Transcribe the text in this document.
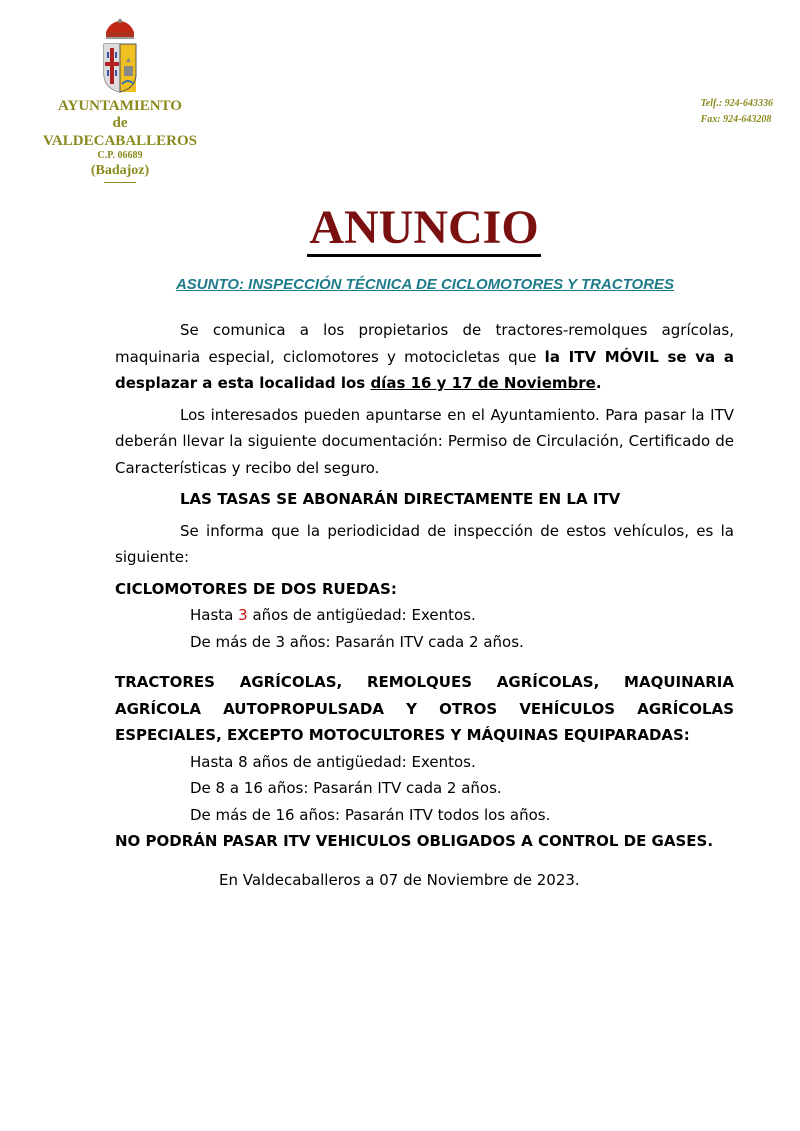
AYUNTAMIENTO
de
VALDECABALLEROS
C.P. 06689
(Badajoz)
Telf.: 924-643336
Fax: 924-643208
ANUNCIO
ASUNTO: INSPECCIÓN TÉCNICA DE CICLOMOTORES Y TRACTORES

Se comunica a los propietarios de tractores-remolques agrícolas, maquinaria especial, ciclomotores y motocicletas que la ITV MÓVIL se va a desplazar a esta localidad los días 16 y 17 de Noviembre.

Los interesados pueden apuntarse en el Ayuntamiento. Para pasar la ITV deberán llevar la siguiente documentación: Permiso de Circulación, Certificado de Características y recibo del seguro.

LAS TASAS SE ABONARÁN DIRECTAMENTE EN LA ITV

Se informa que la periodicidad de inspección de estos vehículos, es la siguiente:

CICLOMOTORES DE DOS RUEDAS:

Hasta 3 años de antigüedad: Exentos.

De más de 3 años: Pasarán ITV cada 2 años.

TRACTORES AGRÍCOLAS, REMOLQUES AGRÍCOLAS, MAQUINARIA AGRÍCOLA AUTOPROPULSADA Y OTROS VEHÍCULOS AGRÍCOLAS ESPECIALES, EXCEPTO MOTOCULTORES Y MÁQUINAS EQUIPARADAS:

Hasta 8 años de antigüedad: Exentos.

De 8 a 16 años: Pasarán ITV cada 2 años.

De más de 16 años: Pasarán ITV todos los años.

NO PODRÁN PASAR ITV VEHICULOS OBLIGADOS A CONTROL DE GASES.

En Valdecaballeros a 07 de Noviembre de 2023.
